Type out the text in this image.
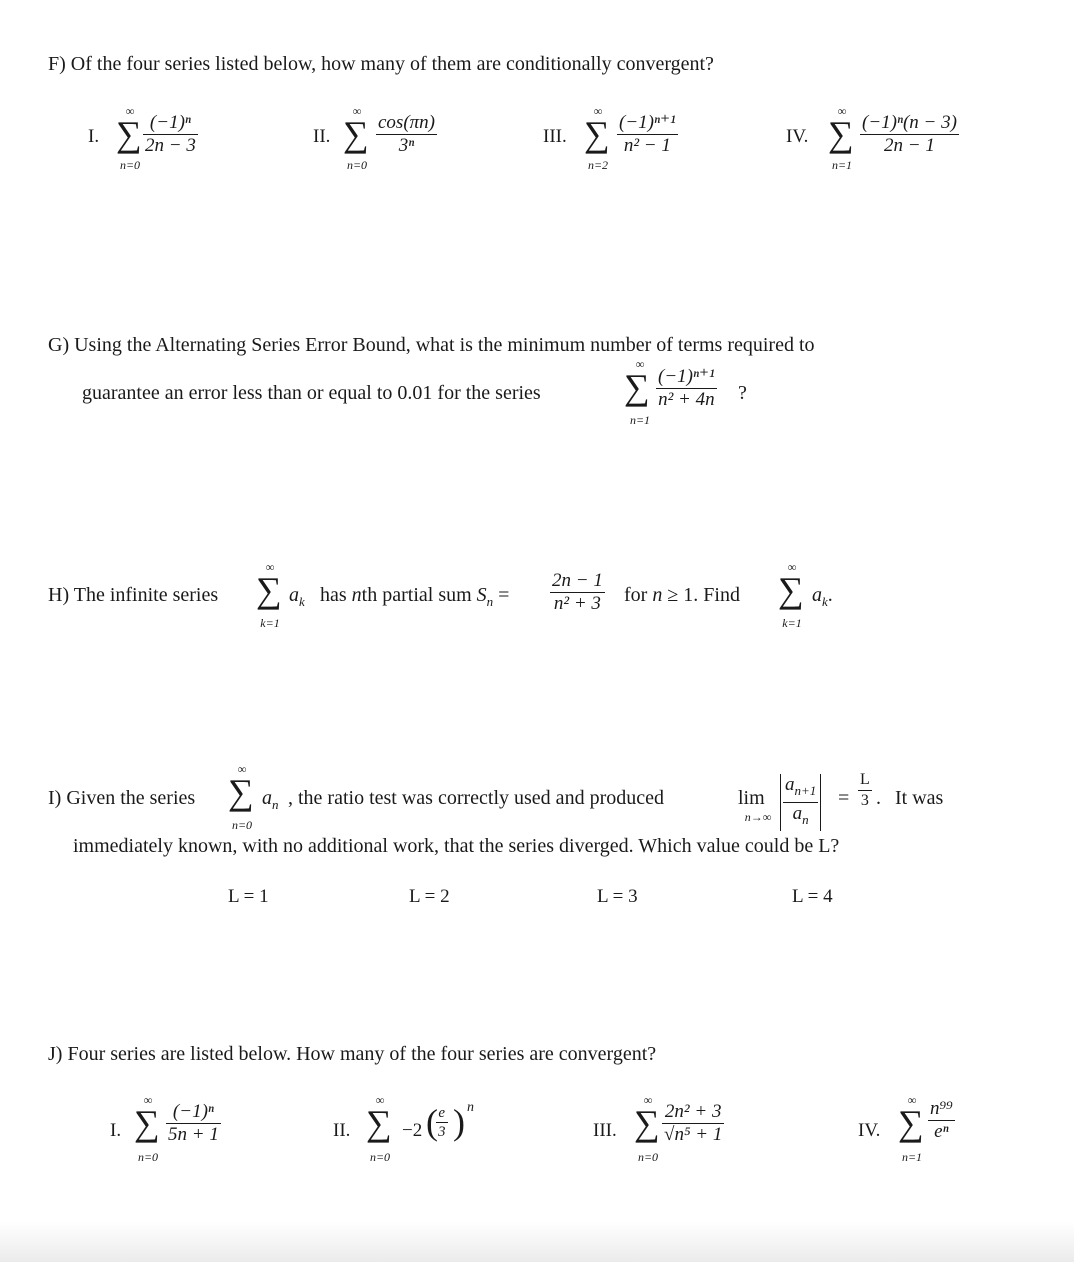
F) Of the four series listed below, how many of them are conditionally convergent?
I.
∞
∑
n=0
$\frac{\text{(−1)ⁿ}}{2n - 3}$	II.
∞
∑
n=0
$\frac{\cos(\pi n)}{\text{3ⁿ}}$	III.
∞
∑
n=2
$\frac{\text{(−1)ⁿ⁺¹}}{\text{n² − 1}}$	IV.
∞
∑
n=1
$\frac{\text{(−1)ⁿ(n − 3)}}{2n - 1}$
G) Using the Alternating Series Error Bound, what is the minimum number of terms required to
guarantee an error less than or equal to 0.01 for the series
∞
∑
n=1
$\frac{\text{(−1)ⁿ⁺¹}}{\text{n² + 4n}}$ ?
H) The infinite series
∞
∑
k=1
$a_k$ has nth partial sum $S_n = \frac{2n - 1}{\text{n² + 3}}$ for n ≥ 1. Find
∞
∑
k=1
$a_k$.
I) Given the series
∞
∑
n=0
$a_n$ , the ratio test was correctly used and produced	lim
$n\to\infty \frac{a_{n+1}}{a_n} = \frac{L}{3}$ . It was
immediately known, with no additional work, that the series diverged. Which value could be L?
L = 1	L = 2	L = 3	L = 4
J) Four series are listed below. How many of the four series are convergent?
I.
∞
∑
n=0
$\frac{\text{(−1)ⁿ}}{5n + 1}$	II.
∞
∑
n=0
−2 (
$\frac{e}{3}$ ) n
III.
∞
∑
n=0
$\frac{\text{2n² + 3}}{\text{√n⁵ + 1}}$	IV.
∞
∑
n=1
$\frac{\text{n⁹⁹}}{\text{eⁿ}}$
